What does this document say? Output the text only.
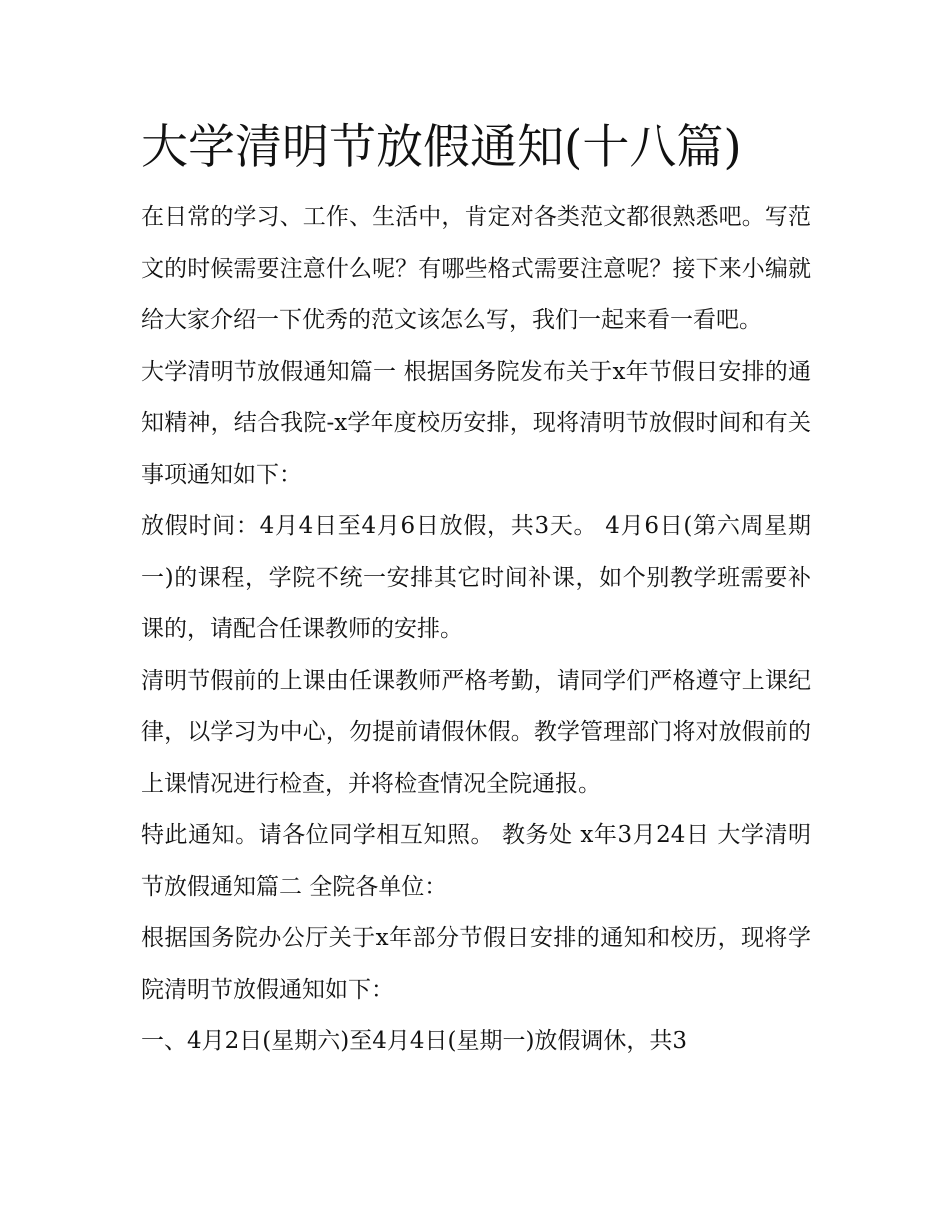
大学清明节放假通知(十八篇)

在日常的学习、工作、生活中，肯定对各类范文都很熟悉吧。写范文的时候需要注意什么呢？有哪些格式需要注意呢？接下来小编就给大家介绍一下优秀的范文该怎么写，我们一起来看一看吧。

大学清明节放假通知篇一 根据国务院发布关于x年节假日安排的通知精神，结合我院-x学年度校历安排，现将清明节放假时间和有关事项通知如下：

放假时间：4月4日至4月6日放假，共3天。 4月6日(第六周星期一)的课程，学院不统一安排其它时间补课，如个别教学班需要补课的，请配合任课教师的安排。

清明节假前的上课由任课教师严格考勤，请同学们严格遵守上课纪律，以学习为中心，勿提前请假休假。教学管理部门将对放假前的上课情况进行检查，并将检查情况全院通报。

特此通知。请各位同学相互知照。 教务处 x年3月24日 大学清明节放假通知篇二 全院各单位：

根据国务院办公厅关于x年部分节假日安排的通知和校历，现将学院清明节放假通知如下：

一、4月2日(星期六)至4月4日(星期一)放假调休，共3
